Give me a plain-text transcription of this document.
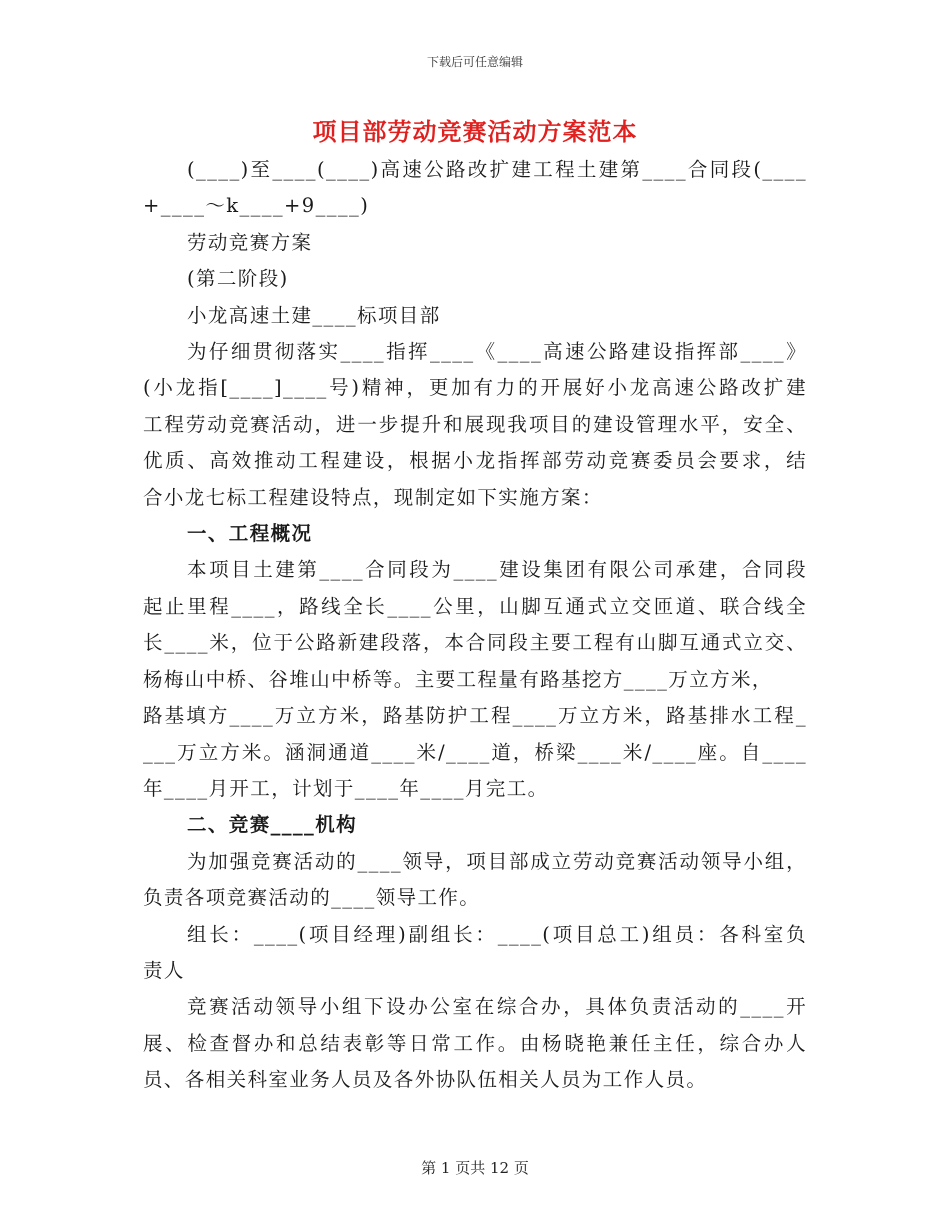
下载后可任意编辑
项目部劳动竞赛活动方案范本
(____)至____(____)高速公路改扩建工程土建第____合同段(____
+____～k____+9____)
劳动竞赛方案
(第二阶段)
小龙高速土建____标项目部
为仔细贯彻落实____指挥____《____高速公路建设指挥部____》
(小龙指[____]____号)精神，更加有力的开展好小龙高速公路改扩建
工程劳动竞赛活动，进一步提升和展现我项目的建设管理水平，安全、
优质、高效推动工程建设，根据小龙指挥部劳动竞赛委员会要求，结
合小龙七标工程建设特点，现制定如下实施方案：
一、工程概况
本项目土建第____合同段为____建设集团有限公司承建，合同段
起止里程____，路线全长____公里，山脚互通式立交匝道、联合线全
长____米，位于公路新建段落，本合同段主要工程有山脚互通式立交、
杨梅山中桥、谷堆山中桥等。主要工程量有路基挖方____万立方米，
路基填方____万立方米，路基防护工程____万立方米，路基排水工程_
___万立方米。涵洞通道____米/____道，桥梁____米/____座。自____
年____月开工，计划于____年____月完工。
二、竞赛____机构
为加强竞赛活动的____领导，项目部成立劳动竞赛活动领导小组，
负责各项竞赛活动的____领导工作。
组长：____(项目经理)副组长：____(项目总工)组员：各科室负
责人
竞赛活动领导小组下设办公室在综合办，具体负责活动的____开
展、检查督办和总结表彰等日常工作。由杨晓艳兼任主任，综合办人
员、各相关科室业务人员及各外协队伍相关人员为工作人员。
第 1 页共 12 页
